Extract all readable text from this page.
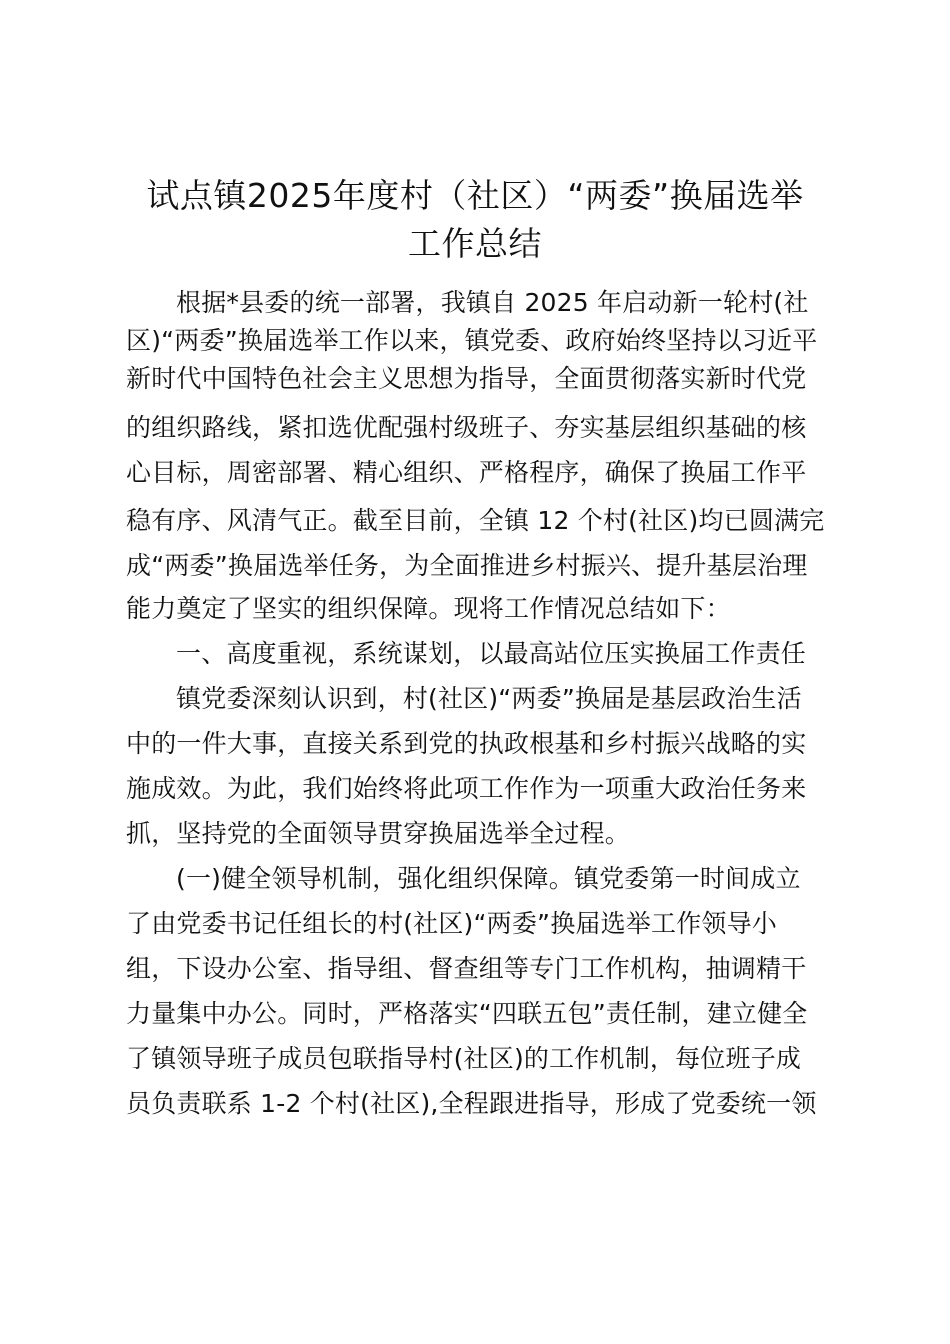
试点镇2025年度村（社区）“两委”换届选举
工作总结
根据*县委的统一部署，我镇自 2025 年启动新一轮村(社
区)“两委”换届选举工作以来，镇党委、政府始终坚持以习近平
新时代中国特色社会主义思想为指导，全面贯彻落实新时代党
的组织路线，紧扣选优配强村级班子、夯实基层组织基础的核
心目标，周密部署、精心组织、严格程序，确保了换届工作平
稳有序、风清气正。截至目前，全镇 12 个村(社区)均已圆满完
成“两委”换届选举任务，为全面推进乡村振兴、提升基层治理
能力奠定了坚实的组织保障。现将工作情况总结如下：
一、高度重视，系统谋划，以最高站位压实换届工作责任
镇党委深刻认识到，村(社区)“两委”换届是基层政治生活
中的一件大事，直接关系到党的执政根基和乡村振兴战略的实
施成效。为此，我们始终将此项工作作为一项重大政治任务来
抓，坚持党的全面领导贯穿换届选举全过程。
(一)健全领导机制，强化组织保障。镇党委第一时间成立
了由党委书记任组长的村(社区)“两委”换届选举工作领导小
组，下设办公室、指导组、督查组等专门工作机构，抽调精干
力量集中办公。同时，严格落实“四联五包”责任制，建立健全
了镇领导班子成员包联指导村(社区)的工作机制，每位班子成
员负责联系 1-2 个村(社区),全程跟进指导，形成了党委统一领
